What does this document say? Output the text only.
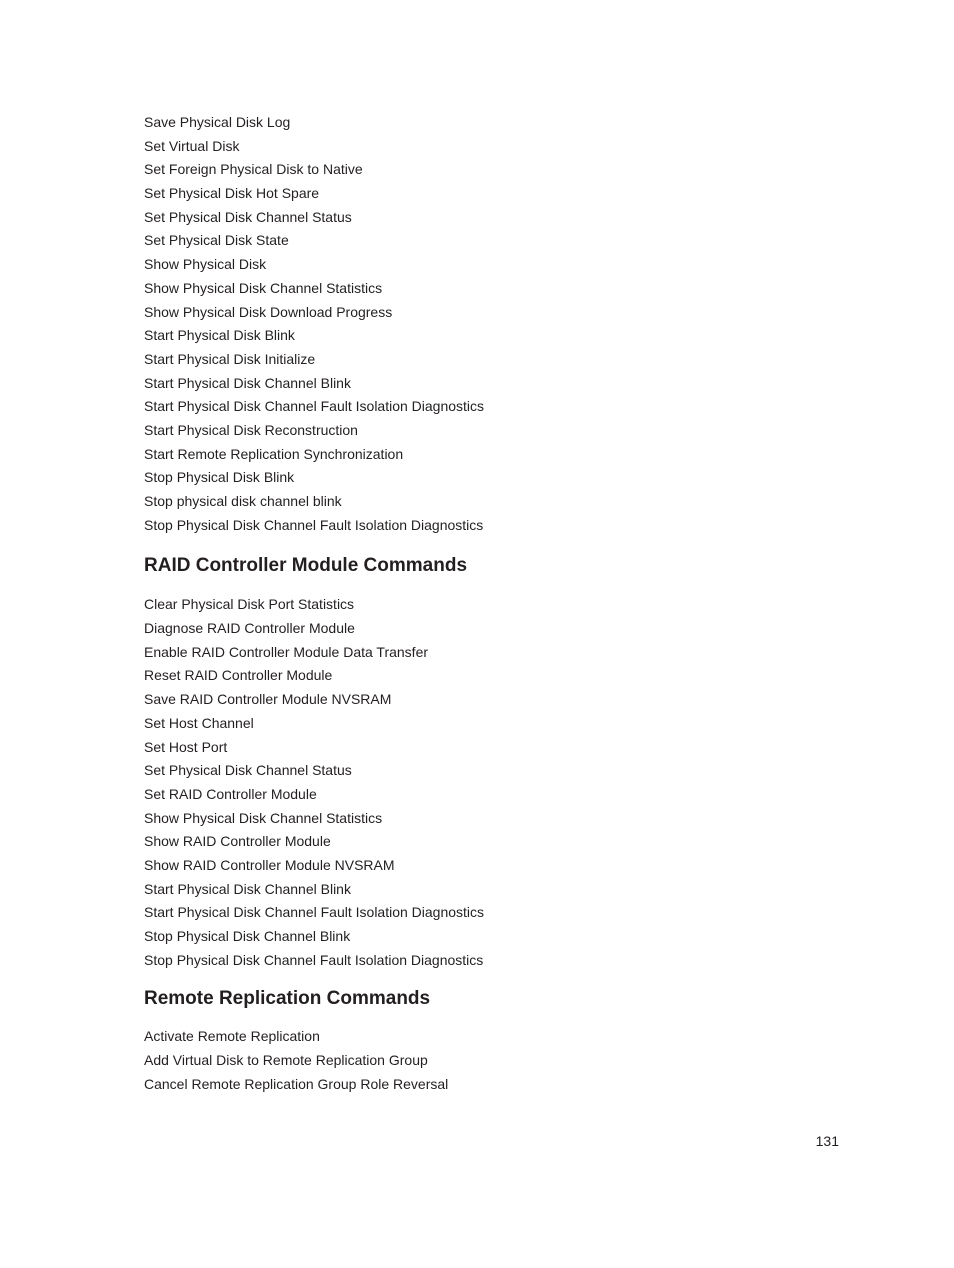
Save Physical Disk Log
Set Virtual Disk
Set Foreign Physical Disk to Native
Set Physical Disk Hot Spare
Set Physical Disk Channel Status
Set Physical Disk State
Show Physical Disk
Show Physical Disk Channel Statistics
Show Physical Disk Download Progress
Start Physical Disk Blink
Start Physical Disk Initialize
Start Physical Disk Channel Blink
Start Physical Disk Channel Fault Isolation Diagnostics
Start Physical Disk Reconstruction
Start Remote Replication Synchronization
Stop Physical Disk Blink
Stop physical disk channel blink
Stop Physical Disk Channel Fault Isolation Diagnostics
RAID Controller Module Commands
Clear Physical Disk Port Statistics
Diagnose RAID Controller Module
Enable RAID Controller Module Data Transfer
Reset RAID Controller Module
Save RAID Controller Module NVSRAM
Set Host Channel
Set Host Port
Set Physical Disk Channel Status
Set RAID Controller Module
Show Physical Disk Channel Statistics
Show RAID Controller Module
Show RAID Controller Module NVSRAM
Start Physical Disk Channel Blink
Start Physical Disk Channel Fault Isolation Diagnostics
Stop Physical Disk Channel Blink
Stop Physical Disk Channel Fault Isolation Diagnostics
Remote Replication Commands
Activate Remote Replication
Add Virtual Disk to Remote Replication Group
Cancel Remote Replication Group Role Reversal
131
